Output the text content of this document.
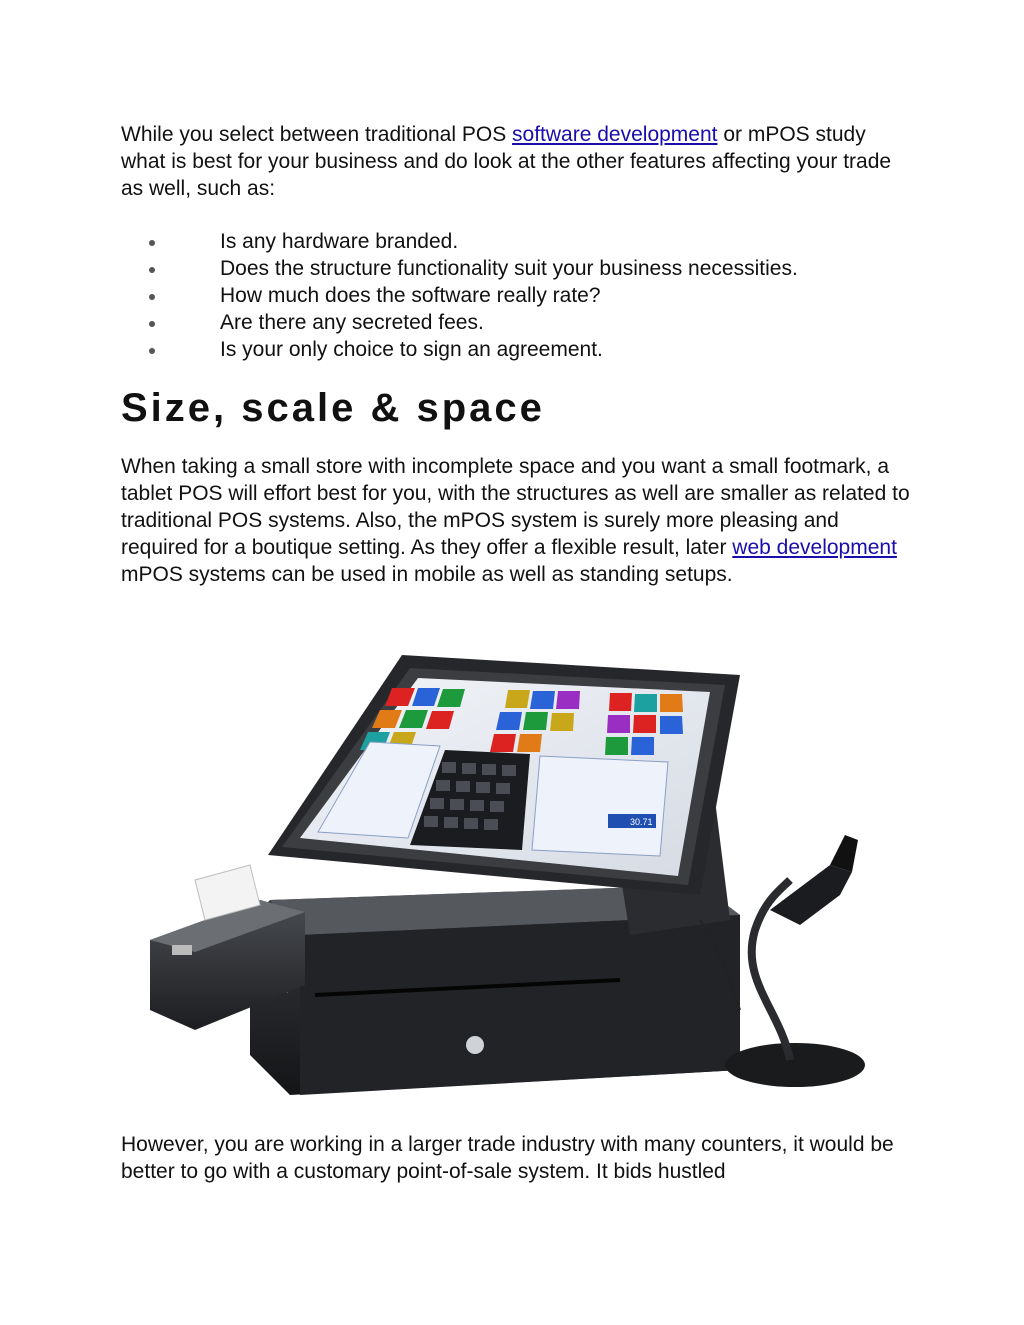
While you select between traditional POS software development or mPOS study what is best for your business and do look at the other features affecting your trade as well, such as:

Is any hardware branded.
Does the structure functionality suit your business necessities.
How much does the software really rate?
Are there any secreted fees.
Is your only choice to sign an agreement.
Size, scale & space

When taking a small store with incomplete space and you want a small footmark, a tablet POS will effort best for you, with the structures as well are smaller as related to traditional POS systems. Also, the mPOS system is surely more pleasing and required for a boutique setting. As they offer a flexible result, later web development mPOS systems can be used in mobile as well as standing setups.

30.71

However, you are working in a larger trade industry with many counters, it would be better to go with a customary point-of-sale system. It bids hustled
